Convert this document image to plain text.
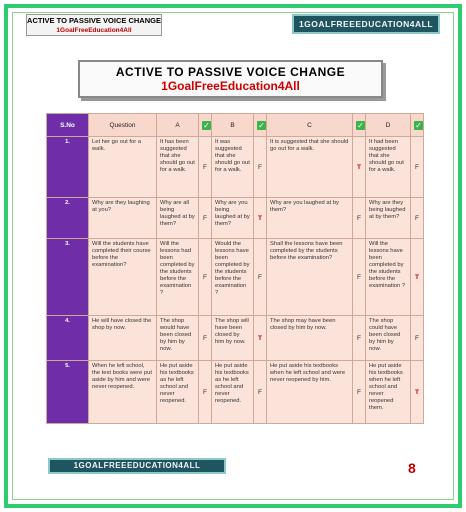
ACTIVE TO PASSIVE VOICE CHANGE
1GoalFreeEducation4All
1GOALFREEEDUCATION4ALL
ACTIVE TO PASSIVE VOICE CHANGE
1GoalFreeEducation4All
S.No	Question	A	✓	B	✓	C	✓	D	✓
1.	Let her go out for a walk.	It has been suggested that she should go out for a walk.	F	It was suggested that she should go out for a walk.	F	It is suggested that she should go out for a walk.	T	It had been suggested that she should go out for a walk.	F
2.	Why are they laughing at you?	Why are all being laughed at by them?	F	Why are you being laughed at by them?	T	Why are you laughed at by them?	F	Why are they being laughed at by them?	F
3.	Will the students have completed their course before the examination?	Will the lessons had been completed by the students before the examination ?	F	Would the lessons have been completed by the students before the examination ?	F	Shall the lessons have been completed by the students before the examination?	F	Will the lessons have been completed by the students before the examination ?	T
4.	He will have closed the shop by now.	The shop would have been closed by him by now.	F	The shop will have been closed by him by now.	T	The shop may have been closed by him by now.	F	The shop could have been closed by him by now.	F
5.	When he left school, the text books were put aside by him and were never reopened.	He put aside his textbooks as he left school and never reopened.	F	He put aside his textbooks as he left school and never reopened.	F	He put aside his textbooks when he left school and were never reopened by him.	F	He put aside his textbooks when he left school and never reopened them.	T
1GOALFREEEDUCATION4ALL	8
